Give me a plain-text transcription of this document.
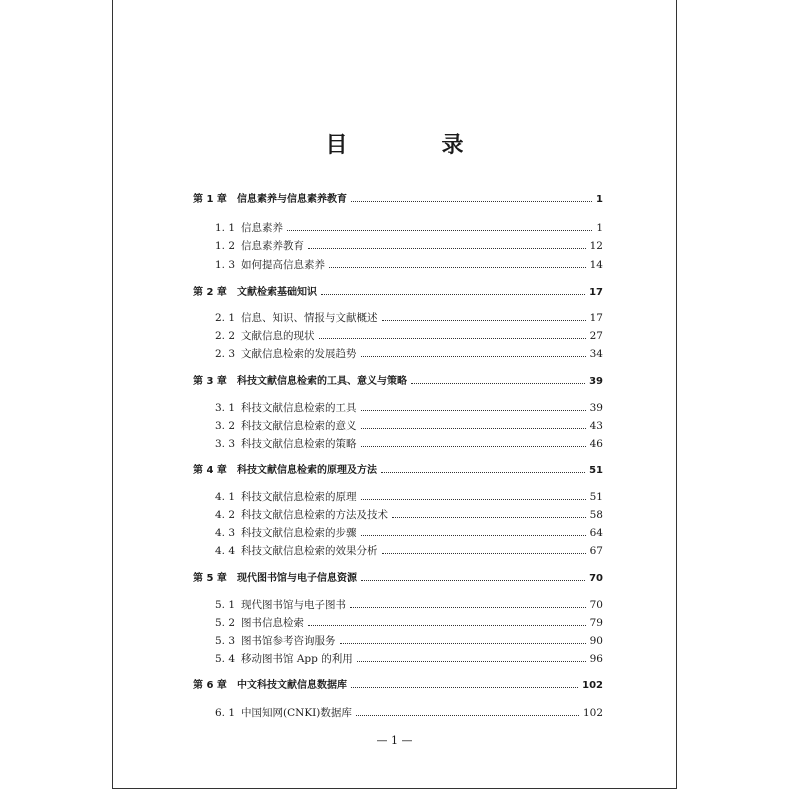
目　录
第 1 章	信息素养与信息素养教育	1
1. 1 信息素养	1
1. 2 信息素养教育	12
1. 3 如何提高信息素养	14
第 2 章	文献检索基础知识	17
2. 1 信息、知识、情报与文献概述	17
2. 2 文献信息的现状	27
2. 3 文献信息检索的发展趋势	34
第 3 章	科技文献信息检索的工具、意义与策略	39
3. 1 科技文献信息检索的工具	39
3. 2 科技文献信息检索的意义	43
3. 3 科技文献信息检索的策略	46
第 4 章	科技文献信息检索的原理及方法	51
4. 1 科技文献信息检索的原理	51
4. 2 科技文献信息检索的方法及技术	58
4. 3 科技文献信息检索的步骤	64
4. 4 科技文献信息检索的效果分析	67
第 5 章	现代图书馆与电子信息资源	70
5. 1 现代图书馆与电子图书	70
5. 2 图书信息检索	79
5. 3 图书馆参考咨询服务	90
5. 4 移动图书馆 App 的利用	96
第 6 章	中文科技文献信息数据库	102
6. 1 中国知网(CNKI)数据库	102
— 1 —
